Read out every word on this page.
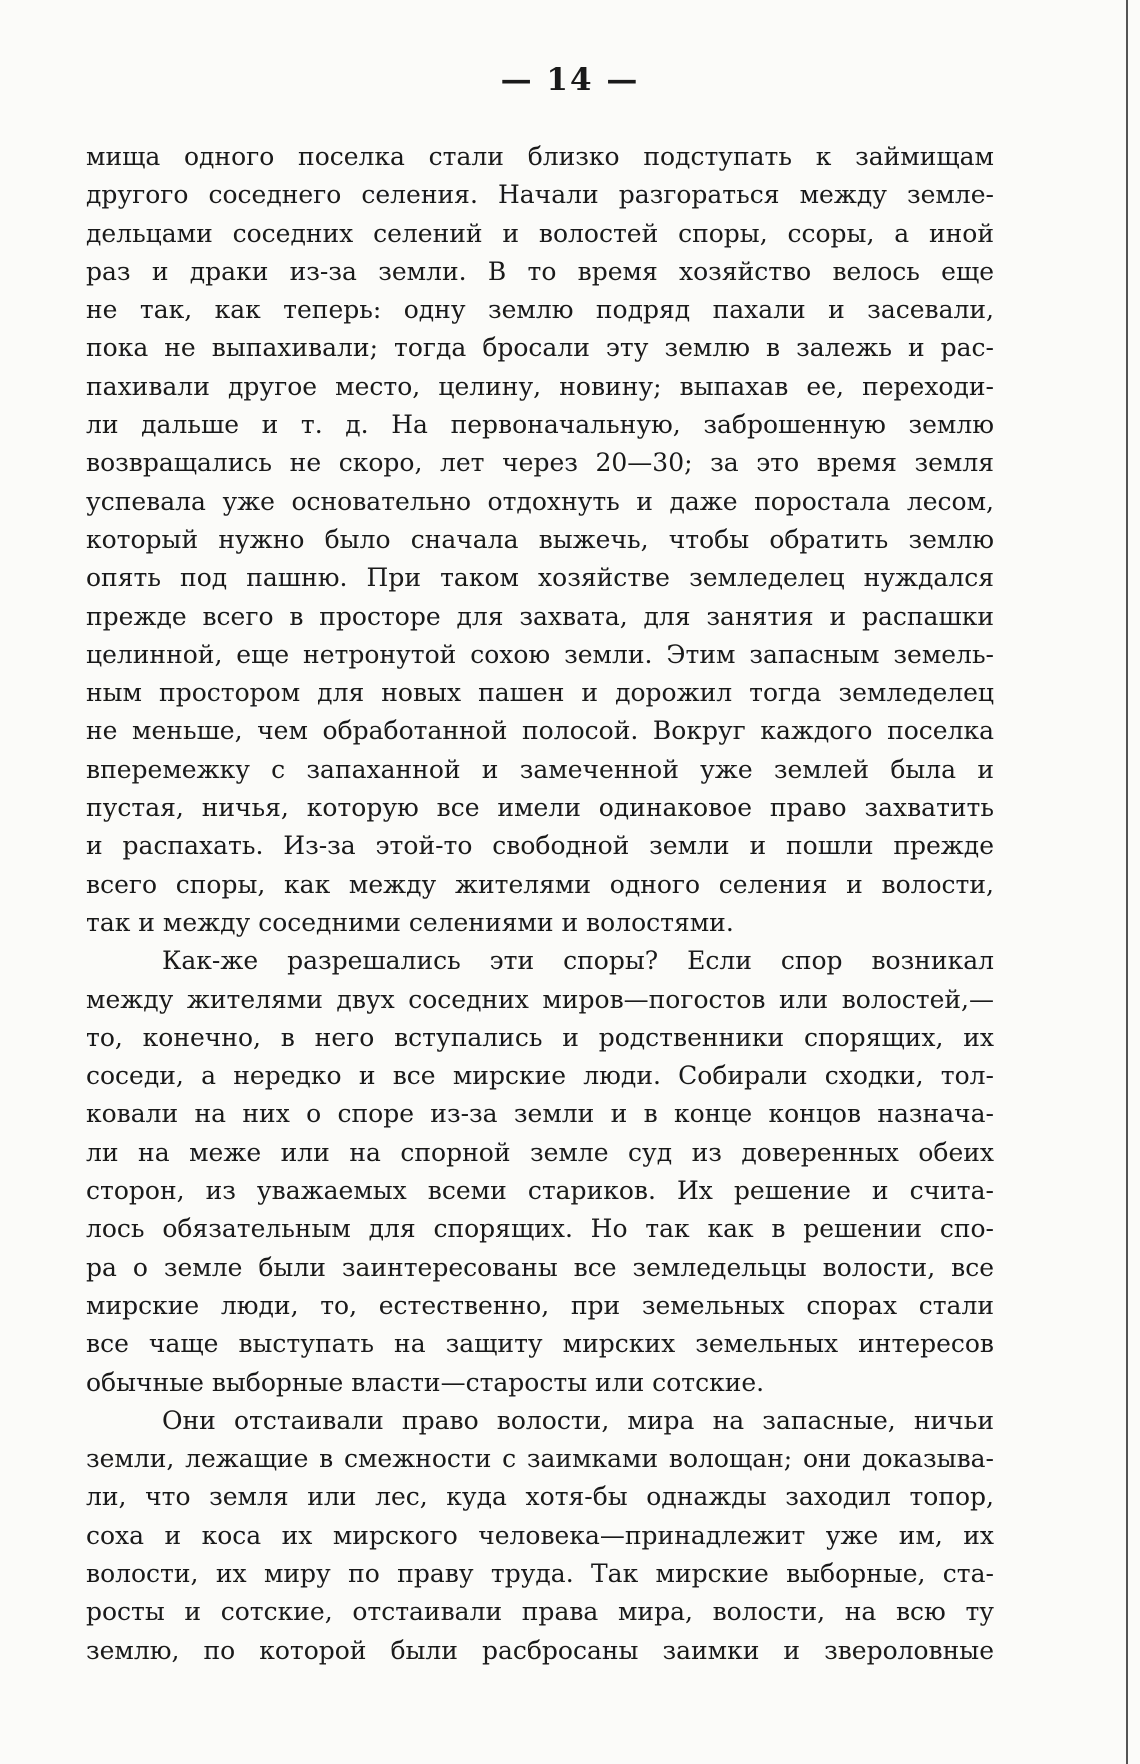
— 14 —
мища одного поселка стали близко подступать к займищам
другого соседнего селения. Начали разгораться между земле-
дельцами соседних селений и волостей споры, ссоры, а иной
раз и драки из-за земли. В то время хозяйство велось еще
не так, как теперь: одну землю подряд пахали и засевали,
пока не выпахивали; тогда бросали эту землю в залежь и рас-
пахивали другое место, целину, новину; выпахав ее, переходи-
ли дальше и т. д. На первоначальную, заброшенную землю
возвращались не скоро, лет через 20—30; за это время земля
успевала уже основательно отдохнуть и даже поростала лесом,
который нужно было сначала выжечь, чтобы обратить землю
опять под пашню. При таком хозяйстве земледелец нуждался
прежде всего в просторе для захвата, для занятия и распашки
целинной, еще нетронутой сохою земли. Этим запасным земель-
ным простором для новых пашен и дорожил тогда земледелец
не меньше, чем обработанной полосой. Вокруг каждого поселка
вперемежку с запаханной и замеченной уже землей была и
пустая, ничья, которую все имели одинаковое право захватить
и распахать. Из-за этой-то свободной земли и пошли прежде
всего споры, как между жителями одного селения и волости,
так и между соседними селениями и волостями.
Как-же разрешались эти споры? Если спор возникал
между жителями двух соседних миров—погостов или волостей,—
то, конечно, в него вступались и родственники спорящих, их
соседи, а нередко и все мирские люди. Собирали сходки, тол-
ковали на них о споре из-за земли и в конце концов назнача-
ли на меже или на спорной земле суд из доверенных обеих
сторон, из уважаемых всеми стариков. Их решение и счита-
лось обязательным для спорящих. Но так как в решении спо-
ра о земле были заинтересованы все земледельцы волости, все
мирские люди, то, естественно, при земельных спорах стали
все чаще выступать на защиту мирских земельных интересов
обычные выборные власти—старосты или сотские.
Они отстаивали право волости, мира на запасные, ничьи
земли, лежащие в смежности с заимками волощан; они доказыва-
ли, что земля или лес, куда хотя-бы однажды заходил топор,
соха и коса их мирского человека—принадлежит уже им, их
волости, их миру по праву труда. Так мирские выборные, ста-
росты и сотские, отстаивали права мира, волости, на всю ту
землю, по которой были расбросаны заимки и звероловные
